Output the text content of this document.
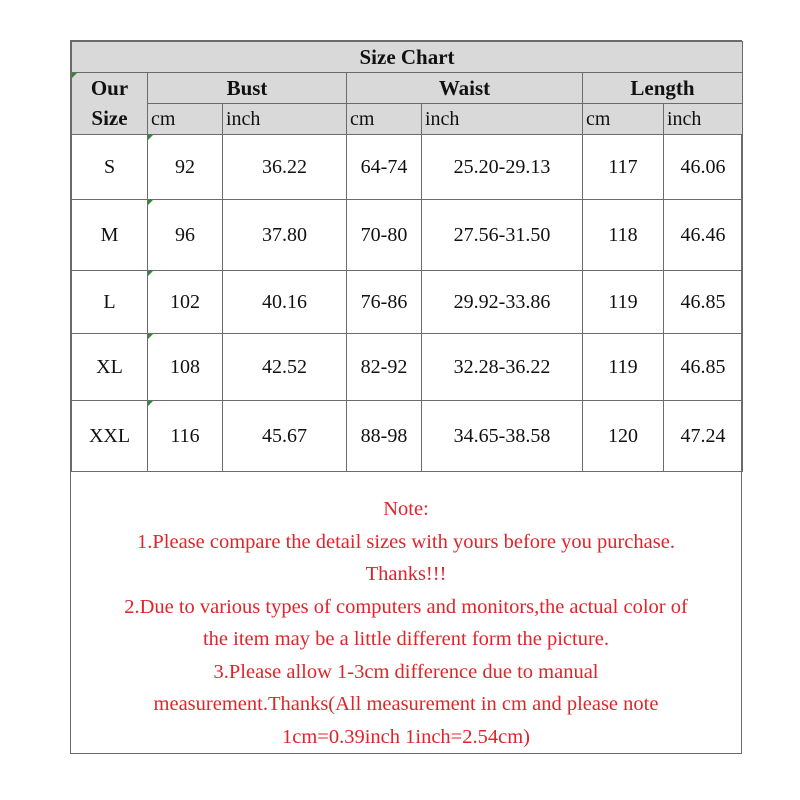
Size Chart						

Our	Bust		Waist		Length	
Size	cm	inch	cm	inch	cm	inch
S	92	36.22	64-74	25.20-29.13	117	46.06
M	96	37.80	70-80	27.56-31.50	118	46.46
L	102	40.16	76-86	29.92-33.86	119	46.85
XL	108	42.52	82-92	32.28-36.22	119	46.85
XXL	116	45.67	88-98	34.65-38.58	120	47.24
Note:
1.Please compare the detail sizes with yours before you purchase.
Thanks!!!
2.Due to various types of computers and monitors,the actual color of
the item may be a little different form the picture.
3.Please allow 1-3cm difference due to manual
measurement.Thanks(All measurement in cm and please note
1cm=0.39inch 1inch=2.54cm)
